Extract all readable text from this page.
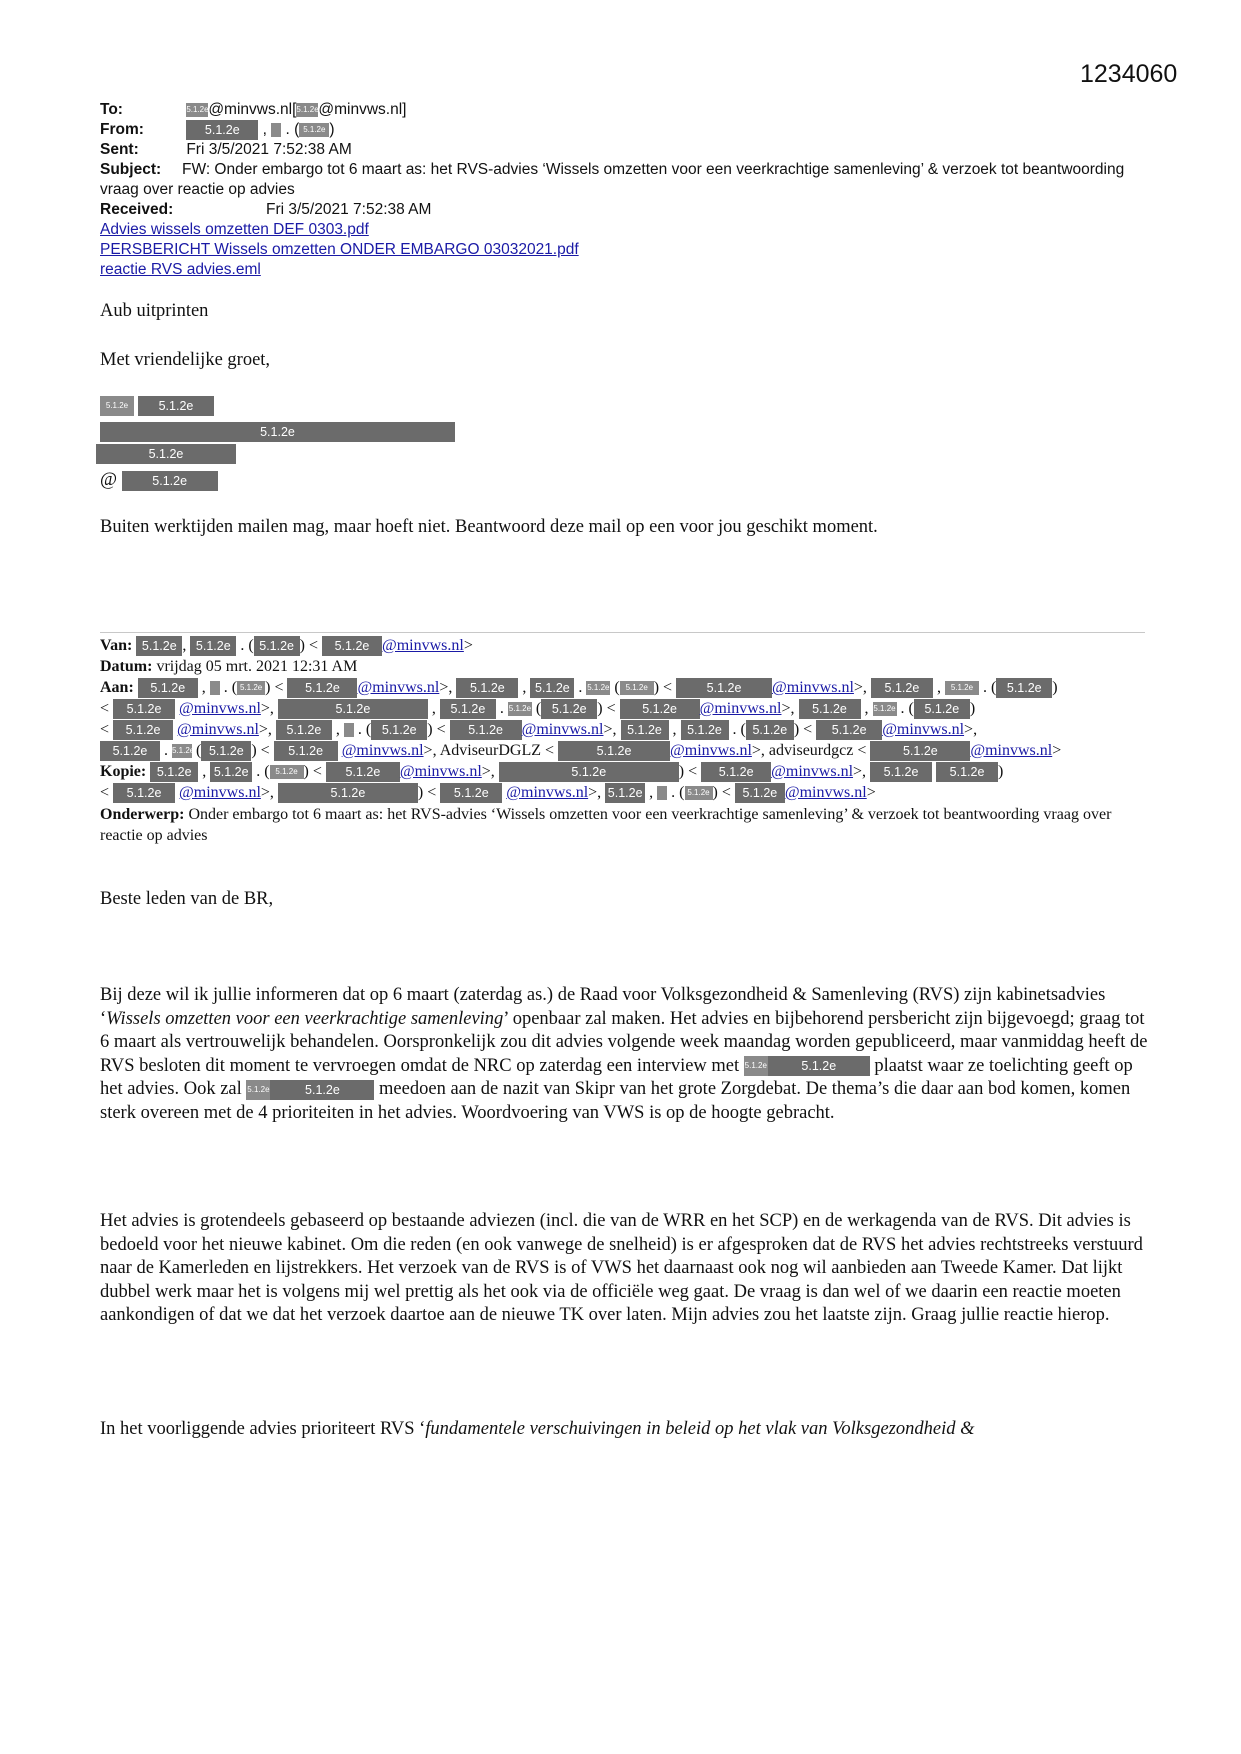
1234060
To:	5.1.2e@minvws.nl[5.1.2e@minvws.nl]
From:	5.1.2e ,  . ( 5.1.2e )
Sent:	Fri 3/5/2021 7:52:38 AM
Subject: FW: Onder embargo tot 6 maart as: het RVS-advies ‘Wissels omzetten voor een veerkrachtige samenleving’ & verzoek tot beantwoording vraag over reactie op advies
Received:	Fri 3/5/2021 7:52:38 AM
Advies wissels omzetten DEF 0303.pdf
PERSBERICHT Wissels omzetten ONDER EMBARGO 03032021.pdf
reactie RVS advies.eml
Aub uitprinten
Met vriendelijke groet,
5.1.2e 5.1.2e
5.1.2e
5.1.2e
@	5.1.2e
Buiten werktijden mailen mag, maar hoeft niet. Beantwoord deze mail op een voor jou geschikt moment.
Van: 5.1.2e , 5.1.2e . ( 5.1.2e ) < 5.1.2e @minvws.nl>
Datum: vrijdag 05 mrt. 2021 12:31 AM
Aan: 5.1.2e ,  . ( 5.1.2e ) < 5.1.2e @minvws.nl>, 5.1.2e , 5.1.2e . 5.1.2e ( 5.1.2e ) < 5.1.2e @minvws.nl>, 5.1.2e , 5.1.2e . ( 5.1.2e )
< 5.1.2e @minvws.nl>,	5.1.2e	, 5.1.2e . 5.1.2e ( 5.1.2e ) < 5.1.2e @minvws.nl>, 5.1.2e , 5.1.2e . ( 5.1.2e )
< 5.1.2e @minvws.nl>, 5.1.2e ,  . ( 5.1.2e ) < 5.1.2e @minvws.nl>, 5.1.2e , 5.1.2e . ( 5.1.2e ) < 5.1.2e @minvws.nl>,
5.1.2e . 5.1.2e ( 5.1.2e ) < 5.1.2e @minvws.nl>, AdviseurDGLZ <	5.1.2e @minvws.nl>, adviseurdgcz <	5.1.2e @minvws.nl>
Kopie: 5.1.2e , 5.1.2e . ( 5.1.2e ) < 5.1.2e @minvws.nl>,	5.1.2e	) < 5.1.2e @minvws.nl>, 5.1.2e 5.1.2e )
< 5.1.2e @minvws.nl>,	5.1.2e	) < 5.1.2e @minvws.nl>, 5.1.2e ,  . ( 5.1.2e ) < 5.1.2e @minvws.nl>
Onderwerp: Onder embargo tot 6 maart as: het RVS-advies ‘Wissels omzetten voor een veerkrachtige samenleving’ & verzoek tot beantwoording vraag over reactie op advies
Beste leden van de BR,
Bij deze wil ik jullie informeren dat op 6 maart (zaterdag as.) de Raad voor Volksgezondheid & Samenleving (RVS) zijn kabinetsadvies ‘Wissels omzetten voor een veerkrachtige samenleving’ openbaar zal maken. Het advies en bijbehorend persbericht zijn bijgevoegd; graag tot 6 maart als vertrouwelijk behandelen. Oorspronkelijk zou dit advies volgende week maandag worden gepubliceerd, maar vanmiddag heeft de RVS besloten dit moment te vervroegen omdat de NRC op zaterdag een interview met 5.1.2e	5.1.2e plaatst waar ze toelichting geeft op het advies. Ook zal 5.1.2e	5.1.2e meedoen aan de nazit van Skipr van het grote Zorgdebat. De thema’s die daar aan bod komen, komen sterk overeen met de 4 prioriteiten in het advies. Woordvoering van VWS is op de hoogte gebracht.
Het advies is grotendeels gebaseerd op bestaande adviezen (incl. die van de WRR en het SCP) en de werkagenda van de RVS. Dit advies is bedoeld voor het nieuwe kabinet. Om die reden (en ook vanwege de snelheid) is er afgesproken dat de RVS het advies rechtstreeks verstuurd naar de Kamerleden en lijstrekkers. Het verzoek van de RVS is of VWS het daarnaast ook nog wil aanbieden aan Tweede Kamer. Dat lijkt dubbel werk maar het is volgens mij wel prettig als het ook via de officiële weg gaat. De vraag is dan wel of we daarin een reactie moeten aankondigen of dat we dat het verzoek daartoe aan de nieuwe TK over laten. Mijn advies zou het laatste zijn. Graag jullie reactie hierop.
In het voorliggende advies prioriteert RVS ‘fundamentele verschuivingen in beleid op het vlak van Volksgezondheid &
